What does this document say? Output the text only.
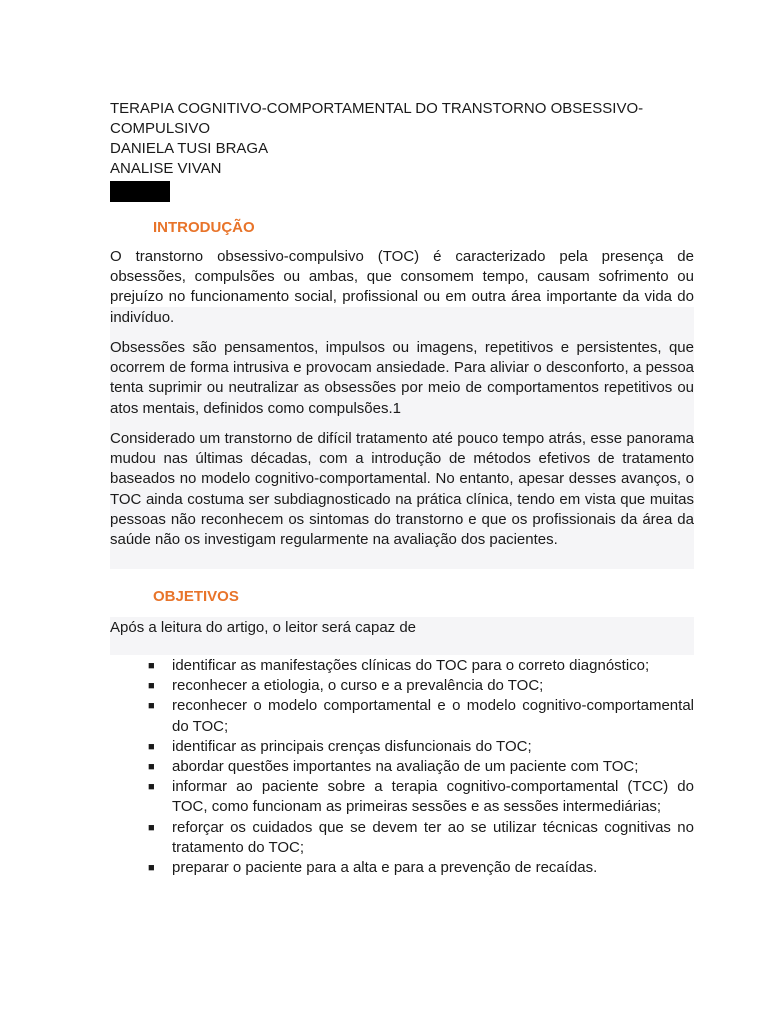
TERAPIA COGNITIVO-COMPORTAMENTAL DO TRANSTORNO OBSESSIVO-
COMPULSIVO
DANIELA TUSI BRAGA
ANALISE VIVAN
INTRODUÇÃO

O transtorno obsessivo-compulsivo (TOC) é caracterizado pela presença de obsessões, compulsões ou ambas, que consomem tempo, causam sofrimento ou prejuízo no funcionamento social, profissional ou em outra área importante da vida do indivíduo.

Obsessões são pensamentos, impulsos ou imagens, repetitivos e persistentes, que ocorrem de forma intrusiva e provocam ansiedade. Para aliviar o desconforto, a pessoa tenta suprimir ou neutralizar as obsessões por meio de comportamentos repetitivos ou atos mentais, definidos como compulsões.1

Considerado um transtorno de difícil tratamento até pouco tempo atrás, esse panorama mudou nas últimas décadas, com a introdução de métodos efetivos de tratamento baseados no modelo cognitivo-comportamental. No entanto, apesar desses avanços, o TOC ainda costuma ser subdiagnosticado na prática clínica, tendo em vista que muitas pessoas não reconhecem os sintomas do transtorno e que os profissionais da área da saúde não os investigam regularmente na avaliação dos pacientes.

OBJETIVOS

Após a leitura do artigo, o leitor será capaz de

■ identificar as manifestações clínicas do TOC para o correto diagnóstico;
■ reconhecer a etiologia, o curso e a prevalência do TOC;
■ reconhecer o modelo comportamental e o modelo cognitivo-comportamental do TOC;
■ identificar as principais crenças disfuncionais do TOC;
■ abordar questões importantes na avaliação de um paciente com TOC;
■ informar ao paciente sobre a terapia cognitivo-comportamental (TCC) do TOC, como funcionam as primeiras sessões e as sessões intermediárias;
■ reforçar os cuidados que se devem ter ao se utilizar técnicas cognitivas no tratamento do TOC;
■ preparar o paciente para a alta e para a prevenção de recaídas.
